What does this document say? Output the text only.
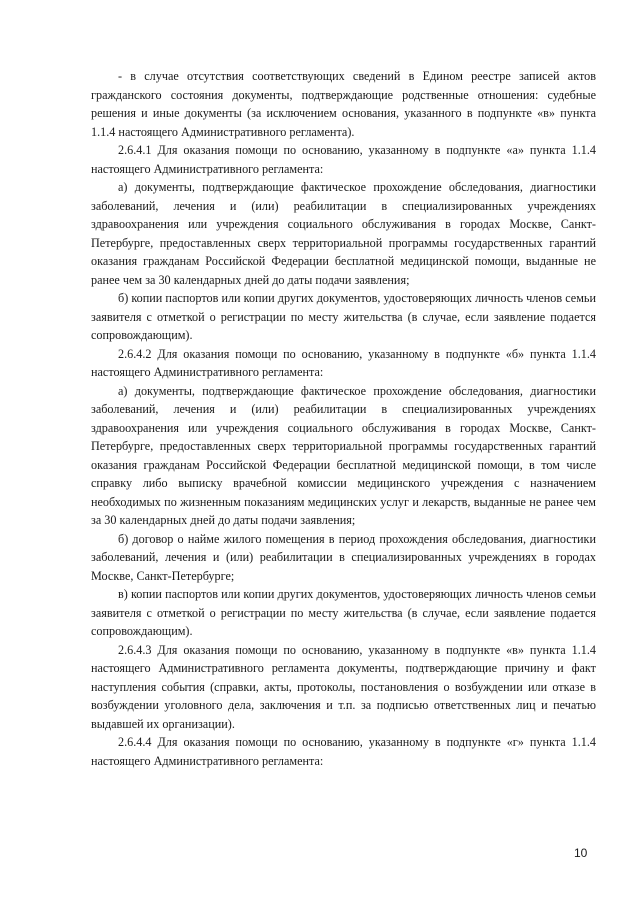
- в случае отсутствия соответствующих сведений в Едином реестре записей актов гражданского состояния документы, подтверждающие родственные отношения: судебные решения и иные документы (за исключением основания, указанного в подпункте «в» пункта 1.1.4 настоящего Административного регламента).

2.6.4.1 Для оказания помощи по основанию, указанному в подпункте «а» пункта 1.1.4 настоящего Административного регламента:

а) документы, подтверждающие фактическое прохождение обследования, диагностики заболеваний, лечения и (или) реабилитации в специализированных учреждениях здравоохранения или учреждения социального обслуживания в городах Москве, Санкт-Петербурге, предоставленных сверх территориальной программы государственных гарантий оказания гражданам Российской Федерации бесплатной медицинской помощи, выданные не ранее чем за 30 календарных дней до даты подачи заявления;

б) копии паспортов или копии других документов, удостоверяющих личность членов семьи заявителя с отметкой о регистрации по месту жительства (в случае, если заявление подается сопровождающим).

2.6.4.2 Для оказания помощи по основанию, указанному в подпункте «б» пункта 1.1.4 настоящего Административного регламента:

а) документы, подтверждающие фактическое прохождение обследования, диагностики заболеваний, лечения и (или) реабилитации в специализированных учреждениях здравоохранения или учреждения социального обслуживания в городах Москве, Санкт-Петербурге, предоставленных сверх территориальной программы государственных гарантий оказания гражданам Российской Федерации бесплатной медицинской помощи, в том числе справку либо выписку врачебной комиссии медицинского учреждения с назначением необходимых по жизненным показаниям медицинских услуг и лекарств, выданные не ранее чем за 30 календарных дней до даты подачи заявления;

б) договор о найме жилого помещения в период прохождения обследования, диагностики заболеваний, лечения и (или) реабилитации в специализированных учреждениях в городах Москве, Санкт-Петербурге;

в) копии паспортов или копии других документов, удостоверяющих личность членов семьи заявителя с отметкой о регистрации по месту жительства (в случае, если заявление подается сопровождающим).

2.6.4.3 Для оказания помощи по основанию, указанному в подпункте «в» пункта 1.1.4 настоящего Административного регламента документы, подтверждающие причину и факт наступления события (справки, акты, протоколы, постановления о возбуждении или отказе в возбуждении уголовного дела, заключения и т.п. за подписью ответственных лиц и печатью выдавшей их организации).

2.6.4.4 Для оказания помощи по основанию, указанному в подпункте «г» пункта 1.1.4 настоящего Административного регламента:

10
